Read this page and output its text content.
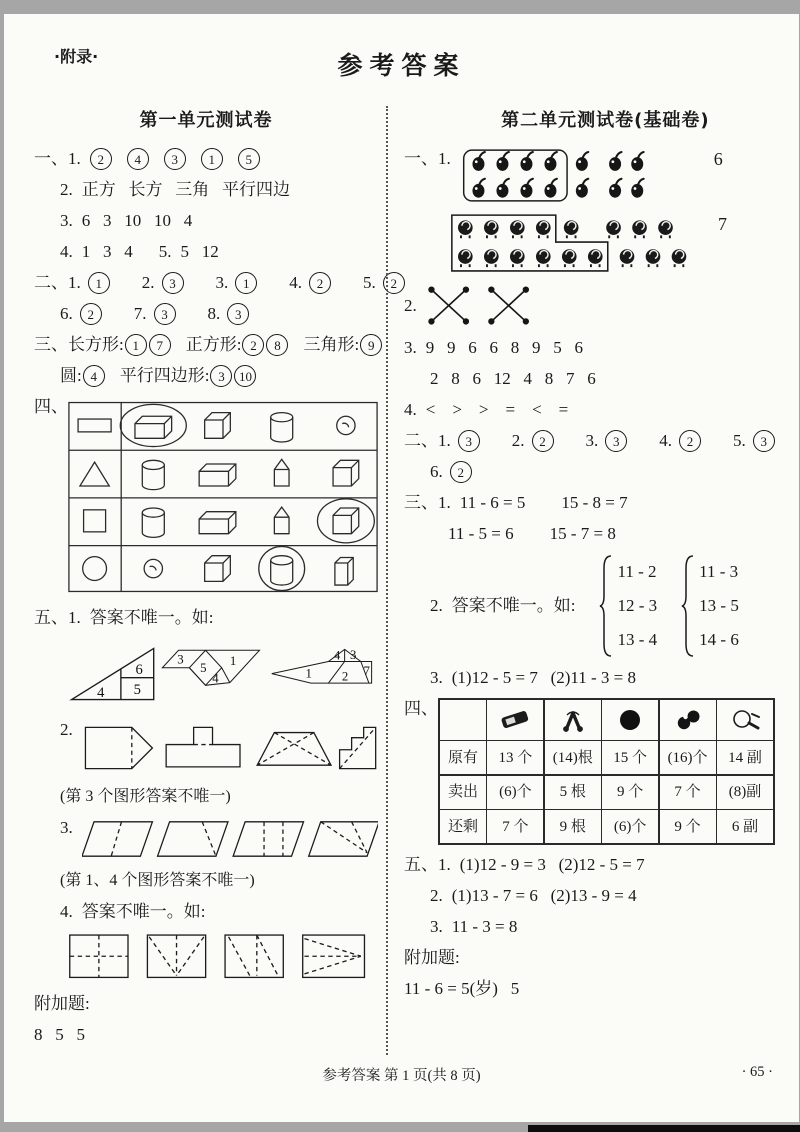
·附录·	参考答案
第一单元测试卷
一、 1.	2	4	3	1	5
2. 正方   长方   三角   平行四边
3. 6   3   10   10   4
4. 1   3   4 5. 5   12
二、 1.	1	2.	3	3.	1	4.	2	5.	2
6.	2	7.	3	8.	3
三、 长方形: 1	7	正方形: 2	8	三角形: 9
圆: 4	平行四边形: 3	10
四、
五、 1. 答案不唯一。如:
4 5
6
3
5
4
1	4 3
1 2 7
2.
(第 3 个图形答案不唯一)
3.
(第 1、4 个图形答案不唯一)
4. 答案不唯一。如:
附加题:
8   5   5
第二单元测试卷(基础卷)
一、 1.	6
7
2.
3. 9   9   6   6   8   9   5   6
2   8   6   12   4   8   7   6
4. <    >    >    =    <    =
二、 1.	3	2.	2	3.	3	4.	2	5.	3
6.	2
三、 1. 11 - 6 = 5 15 - 8 = 7
11 - 5 = 6 15 - 7 = 8
2. 答案不唯一。如:
11 - 2
12 - 3
13 - 4
11 - 3
13 - 5
14 - 6
3. (1)12 - 5 = 7   (2)11 - 3 = 8
四、
原有	13 个	(14)根	15 个	(16)个	14 副
卖出	(6)个	5 根	9 个	7 个	(8)副
还剩	7 个	9 根	(6)个	9 个	6 副
五、 1. (1)12 - 9 = 3   (2)12 - 5 = 7
2. (1)13 - 7 = 6   (2)13 - 9 = 4
3. 11 - 3 = 8
附加题:
11 - 6 = 5(岁)   5
参考答案 第 1 页(共 8 页)	· 65 ·
